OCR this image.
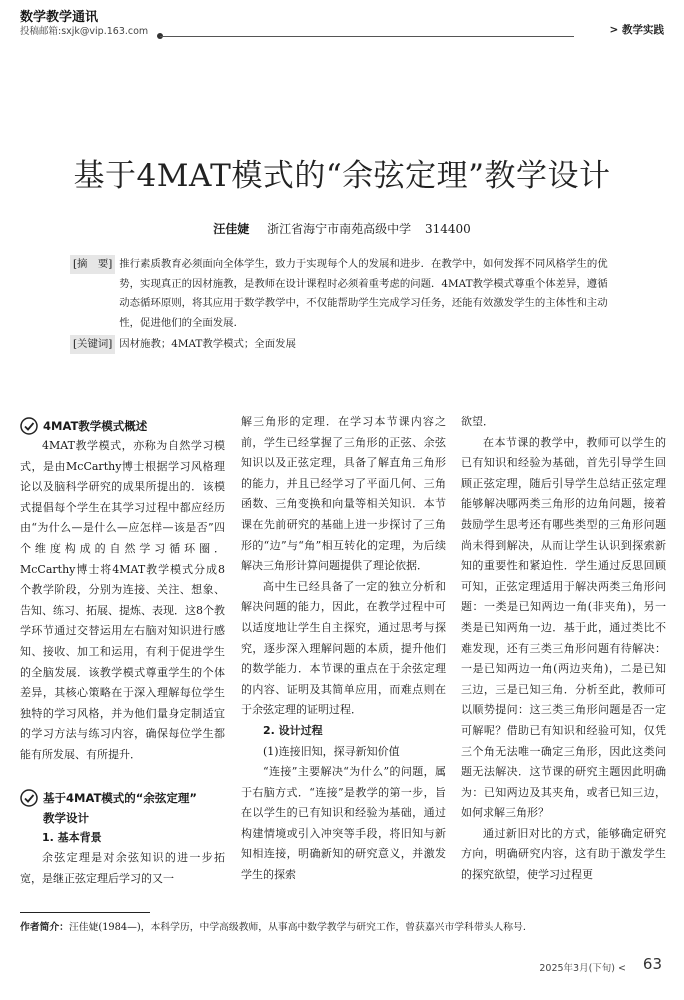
数学教学通讯
投稿邮箱:sxjk@vip.163.com	> 教学实践
基于4MAT模式的“余弦定理”教学设计
汪佳婕 浙江省海宁市南苑高级中学 314400
[摘　要] 推行素质教育必须面向全体学生，致力于实现每个人的发展和进步．在教学中，如何发挥不同风格学生的优势，实现真正的因材施教，是教师在设计课程时必须着重考虑的问题．4MAT教学模式尊重个体差异，遵循动态循环原则，将其应用于数学教学中，不仅能帮助学生完成学习任务，还能有效激发学生的主体性和主动性，促进他们的全面发展．
[关键词] 因材施教；4MAT教学模式；全面发展
4MAT教学模式概述

4MAT教学模式，亦称为自然学习模式，是由McCarthy博士根据学习风格理论以及脑科学研究的成果所提出的．该模式提倡每个学生在其学习过程中都应经历由“为什么—是什么—应怎样—该是否”四个维度构成的自然学习循环圈．McCarthy博士将4MAT教学模式分成8个教学阶段，分别为连接、关注、想象、告知、练习、拓展、提炼、表现．这8个教学环节通过交替运用左右脑对知识进行感知、接收、加工和运用，有利于促进学生的全脑发展．该教学模式尊重学生的个体差异，其核心策略在于深入理解每位学生独特的学习风格，并为他们量身定制适宜的学习方法与练习内容，确保每位学生都能有所发展、有所提升．

基于4MAT模式的“余弦定理”
教学设计
1. 基本背景

余弦定理是对余弦知识的进一步拓宽，是继正弦定理后学习的又一

解三角形的定理．在学习本节课内容之前，学生已经掌握了三角形的正弦、余弦知识以及正弦定理，具备了解直角三角形的能力，并且已经学习了平面几何、三角函数、三角变换和向量等相关知识．本节课在先前研究的基础上进一步探讨了三角形的“边”与“角”相互转化的定理，为后续解决三角形计算问题提供了理论依据．

高中生已经具备了一定的独立分析和解决问题的能力，因此，在教学过程中可以适度地让学生自主探究，通过思考与探究，逐步深入理解问题的本质，提升他们的数学能力．本节课的重点在于余弦定理的内容、证明及其简单应用，而难点则在于余弦定理的证明过程．

2. 设计过程

(1)连接旧知，探寻新知价值

“连接”主要解决“为什么”的问题，属于右脑方式．“连接”是教学的第一步，旨在以学生的已有知识和经验为基础，通过构建情境或引入冲突等手段，将旧知与新知相连接，明确新知的研究意义，并激发学生的探索

欲望．

在本节课的教学中，教师可以学生的已有知识和经验为基础，首先引导学生回顾正弦定理，随后引导学生总结正弦定理能够解决哪两类三角形的边角问题，接着鼓励学生思考还有哪些类型的三角形问题尚未得到解决，从而让学生认识到探索新知的重要性和紧迫性．学生通过反思回顾可知，正弦定理适用于解决两类三角形问题：一类是已知两边一角(非夹角)，另一类是已知两角一边．基于此，通过类比不难发现，还有三类三角形问题有待解决：一是已知两边一角(两边夹角)，二是已知三边，三是已知三角．分析至此，教师可以顺势提问：这三类三角形问题是否一定可解呢？借助已有知识和经验可知，仅凭三个角无法唯一确定三角形，因此这类问题无法解决．这节课的研究主题因此明确为：已知两边及其夹角，或者已知三边，如何求解三角形？

通过新旧对比的方式，能够确定研究方向，明确研究内容，这有助于激发学生的探究欲望，使学习过程更

作者简介：汪佳婕(1984—)，本科学历，中学高级教师，从事高中数学教学与研究工作，曾获嘉兴市学科带头人称号．
2025年3月(下旬) < 63
